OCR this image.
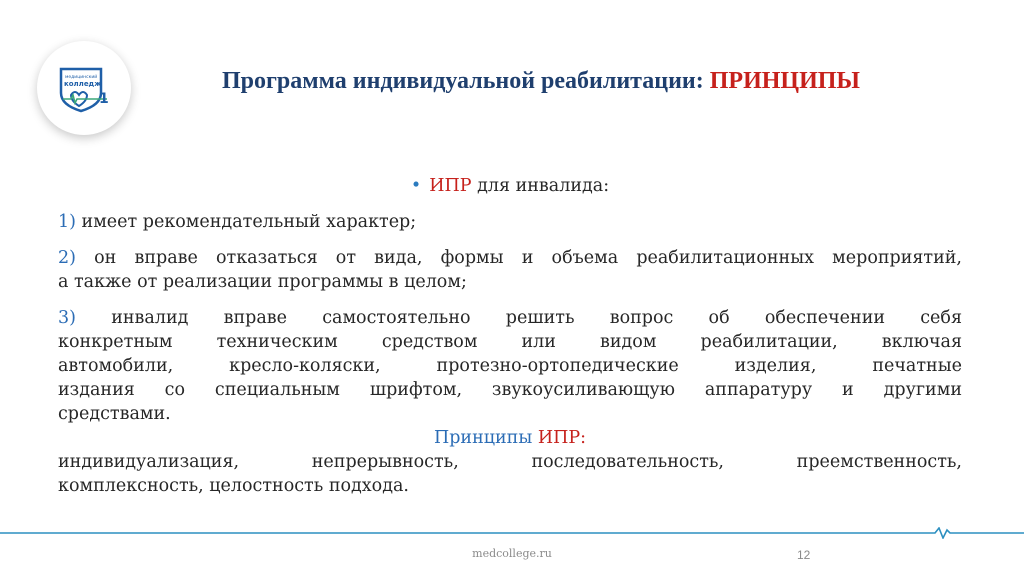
медицинский
колледж
1
Программа индивидуальной реабилитации: ПРИНЦИПЫ

• ИПР для инвалида:

1) имеет рекомендательный характер;

2) он вправе отказаться от вида, формы и объема реабилитационных мероприятий,

а также от реализации программы в целом;

3) инвалид вправе самостоятельно решить вопрос об обеспечении себя

конкретным техническим средством или видом реабилитации, включая

автомобили, кресло-коляски, протезно-ортопедические изделия, печатные

издания со специальным шрифтом, звукоусиливающую аппаратуру и другими

средствами.

Принципы ИПР:

индивидуализация, непрерывность, последовательность, преемственность,

комплексность, целостность подхода.

medcollege.ru	12
